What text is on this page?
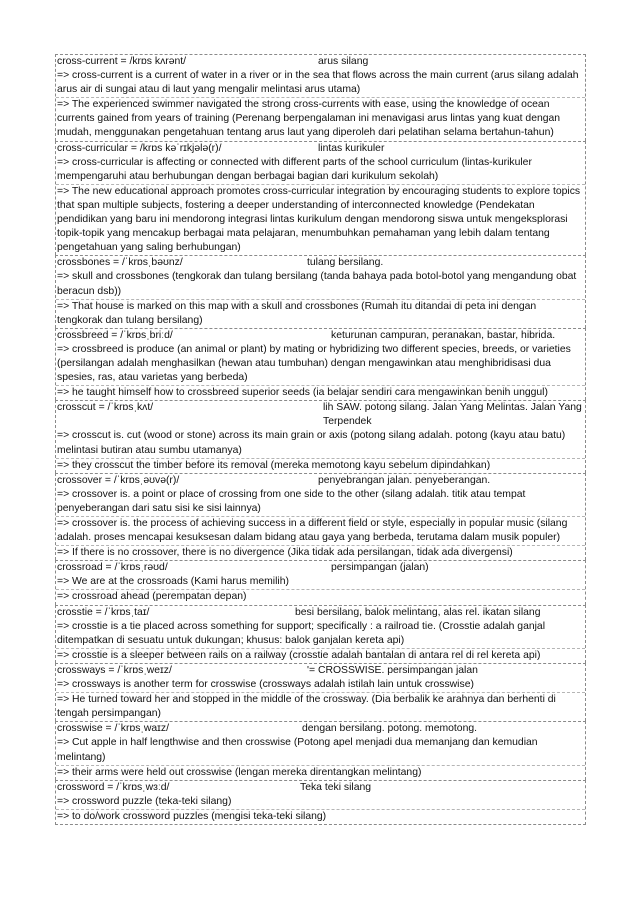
cross-current = /krɒs kʌrənt/	arus silang
=> cross-current is a current of water in a river or in the sea that flows across the main current (arus silang adalah arus air di sungai atau di laut yang mengalir melintasi arus utama)
=> The experienced swimmer navigated the strong cross-currents with ease, using the knowledge of ocean currents gained from years of training (Perenang berpengalaman ini menavigasi arus lintas yang kuat dengan mudah, menggunakan pengetahuan tentang arus laut yang diperoleh dari pelatihan selama bertahun-tahun)
cross-curricular = /krɒs kəˈrɪkjələ(r)/	lintas kurikuler
=> cross-curricular is affecting or connected with different parts of the school curriculum (lintas-kurikuler mempengaruhi atau berhubungan dengan berbagai bagian dari kurikulum sekolah)
=> The new educational approach promotes cross-curricular integration by encouraging students to explore topics that span multiple subjects, fostering a deeper understanding of interconnected knowledge (Pendekatan pendidikan yang baru ini mendorong integrasi lintas kurikulum dengan mendorong siswa untuk mengeksplorasi topik-topik yang mencakup berbagai mata pelajaran, menumbuhkan pemahaman yang lebih dalam tentang pengetahuan yang saling berhubungan)
crossbones = /ˈkrɒsˌbəʊnz/	tulang bersilang.
=> skull and crossbones (tengkorak dan tulang bersilang (tanda bahaya pada botol-botol yang mengandung obat beracun dsb))
=> That house is marked on this map with a skull and crossbones (Rumah itu ditandai di peta ini dengan tengkorak dan tulang bersilang)
crossbreed = /ˈkrɒsˌbriːd/	keturunan campuran, peranakan, bastar, hibrida.
=> crossbreed is produce (an animal or plant) by mating or hybridizing two different species, breeds, or varieties (persilangan adalah menghasilkan (hewan atau tumbuhan) dengan mengawinkan atau menghibridisasi dua spesies, ras, atau varietas yang berbeda)
=> he taught himself how to crossbreed superior seeds (ia belajar sendiri cara mengawinkan benih unggul)
crosscut = /ˈkrɒsˌkʌt/	lih SAW. potong silang. Jalan Yang Melintas. Jalan Yang Terpendek
=> crosscut is. cut (wood or stone) across its main grain or axis (potong silang adalah. potong (kayu atau batu) melintasi butiran atau sumbu utamanya)
=> they crosscut the timber before its removal (mereka memotong kayu sebelum dipindahkan)
crossover = /ˈkrɒsˌəʊvə(r)/	penyebrangan jalan. penyeberangan.
=> crossover is. a point or place of crossing from one side to the other (silang adalah. titik atau tempat penyeberangan dari satu sisi ke sisi lainnya)
=> crossover is. the process of achieving success in a different field or style, especially in popular music (silang adalah. proses mencapai kesuksesan dalam bidang atau gaya yang berbeda, terutama dalam musik populer)
=> If there is no crossover, there is no divergence (Jika tidak ada persilangan, tidak ada divergensi)
crossroad = /ˈkrɒsˌrəʊd/	persimpangan (jalan)
=> We are at the crossroads (Kami harus memilih)
=> crossroad ahead (perempatan depan)
crosstie = /ˈkrɒsˌtaɪ/	besi bersilang, balok melintang, alas rel. ikatan silang
=> crosstie is a tie placed across something for support; specifically : a railroad tie. (Crosstie adalah ganjal ditempatkan di sesuatu untuk dukungan; khusus: balok ganjalan kereta api)
=> crosstie is a sleeper between rails on a railway (crosstie adalah bantalan di antara rel di rel kereta api)
crossways = /ˈkrɒsˌweɪz/	'= CROSSWISE. persimpangan jalan
=> crossways is another term for crosswise (crossways adalah istilah lain untuk crosswise)
=> He turned toward her and stopped in the middle of the crossway. (Dia berbalik ke arahnya dan berhenti di tengah persimpangan)
crosswise = /ˈkrɒsˌwaɪz/	dengan bersilang. potong. memotong.
=> Cut apple in half lengthwise and then crosswise (Potong apel menjadi dua memanjang dan kemudian melintang)
=> their arms were held out crosswise (lengan mereka direntangkan melintang)
crossword = /ˈkrɒsˌwɜːd/	Teka teki silang
=> crossword puzzle (teka-teki silang)
=> to do/work crossword puzzles (mengisi teka-teki silang)
